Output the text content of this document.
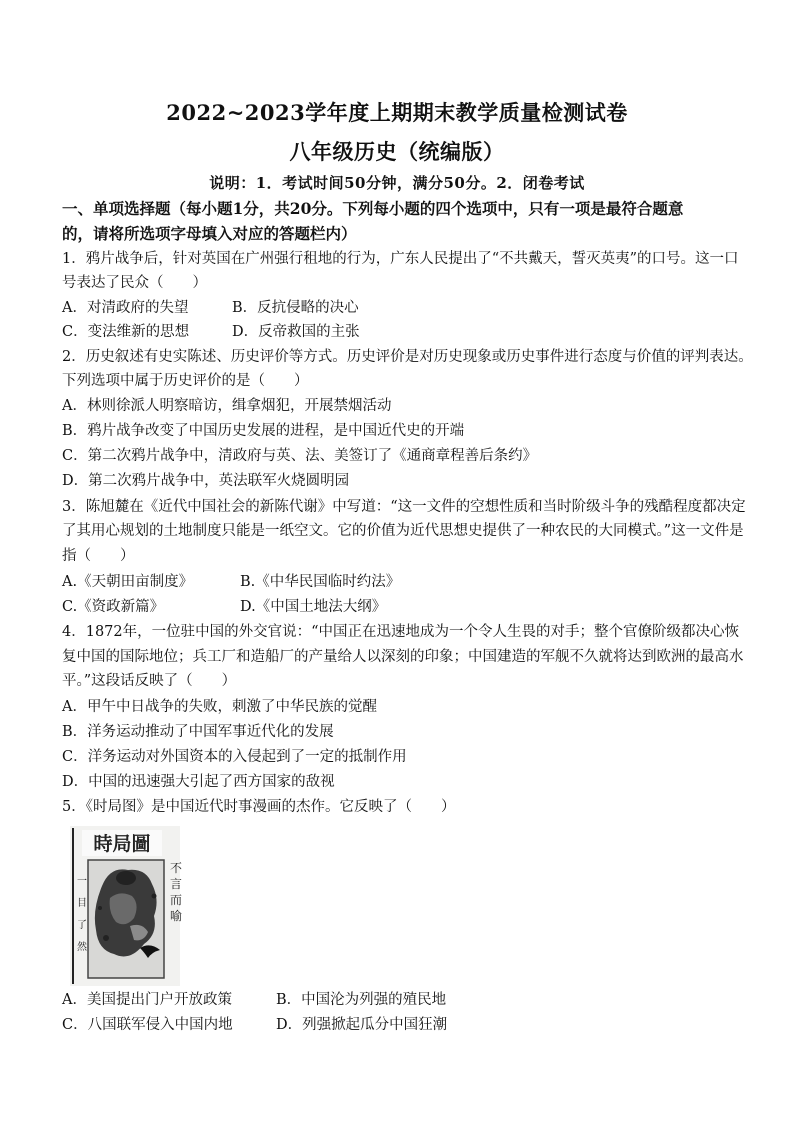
2022~2023学年度上期期末教学质量检测试卷
八年级历史（统编版）
说明：1．考试时间50分钟，满分50分。2．闭卷考试
一、单项选择题（每小题1分，共20分。下列每小题的四个选项中，只有一项是最符合题意
的，请将所选项字母填入对应的答题栏内）
1．鸦片战争后，针对英国在广州强行租地的行为，广东人民提出了“不共戴天，誓灭英夷”的口号。这一口
号表达了民众（　　）
A．对清政府的失望	B．反抗侵略的决心
C．变法维新的思想	D．反帝救国的主张
2．历史叙述有史实陈述、历史评价等方式。历史评价是对历史现象或历史事件进行态度与价值的评判表达。
下列选项中属于历史评价的是（　　）
A．林则徐派人明察暗访，缉拿烟犯，开展禁烟活动
B．鸦片战争改变了中国历史发展的进程，是中国近代史的开端
C．第二次鸦片战争中，清政府与英、法、美签订了《通商章程善后条约》
D．第二次鸦片战争中，英法联军火烧圆明园
3．陈旭麓在《近代中国社会的新陈代谢》中写道：“这一文件的空想性质和当时阶级斗争的残酷程度都决定
了其用心规划的土地制度只能是一纸空文。它的价值为近代思想史提供了一种农民的大同模式。”这一文件是
指（　　）
A.《天朝田亩制度》	B.《中华民国临时约法》
C.《资政新篇》	D.《中国土地法大纲》
4．1872年，一位驻中国的外交官说：“中国正在迅速地成为一个令人生畏的对手；整个官僚阶级都决心恢
复中国的国际地位；兵工厂和造船厂的产量给人以深刻的印象；中国建造的军舰不久就将达到欧洲的最高水
平。”这段话反映了（　　）
A．甲午中日战争的失败，刺激了中华民族的觉醒
B．洋务运动推动了中国军事近代化的发展
C．洋务运动对外国资本的入侵起到了一定的抵制作用
D．中国的迅速强大引起了西方国家的敌视
5．《时局图》是中国近代时事漫画的杰作。它反映了（　　）
時局圖
不言而喻
一目了然
A．美国提出门户开放政策	B．中国沦为列强的殖民地
C．八国联军侵入中国内地	D．列强掀起瓜分中国狂潮
